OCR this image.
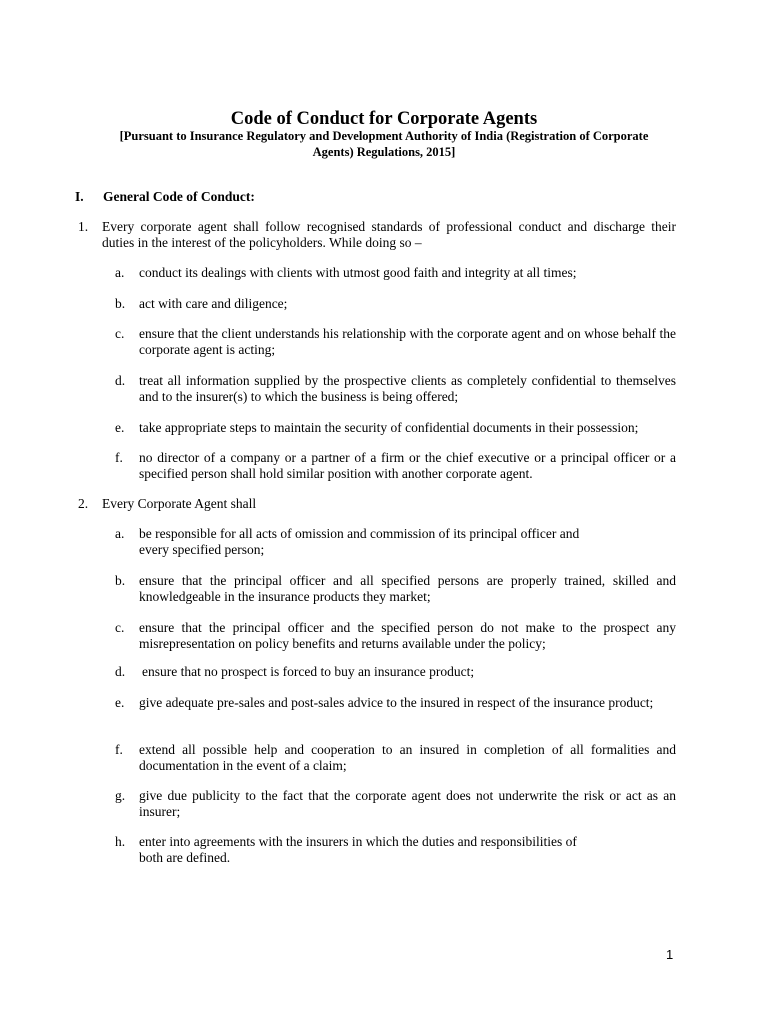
Code of Conduct for Corporate Agents
[Pursuant to Insurance Regulatory and Development Authority of India (Registration of Corporate Agents) Regulations, 2015]
I. General Code of Conduct:
1. Every corporate agent shall follow recognised standards of professional conduct and discharge their duties in the interest of the policyholders. While doing so –
a. conduct its dealings with clients with utmost good faith and integrity at all times;
b. act with care and diligence;
c. ensure that the client understands his relationship with the corporate agent and on whose behalf the corporate agent is acting;
d. treat all information supplied by the prospective clients as completely confidential to themselves and to the insurer(s) to which the business is being offered;
e. take appropriate steps to maintain the security of confidential documents in their possession;
f. no director of a company or a partner of a firm or the chief executive or a principal officer or a specified person shall hold similar position with another corporate agent.
2. Every Corporate Agent shall
a. be responsible for all acts of omission and commission of its principal officer and
every specified person;
b. ensure that the principal officer and all specified persons are properly trained, skilled and knowledgeable in the insurance products they market;
c. ensure that the principal officer and the specified person do not make to the prospect any misrepresentation on policy benefits and returns available under the policy;
d. ensure that no prospect is forced to buy an insurance product;
e. give adequate pre-sales and post-sales advice to the insured in respect of the insurance product;
f. extend all possible help and cooperation to an insured in completion of all formalities and documentation in the event of a claim;
g. give due publicity to the fact that the corporate agent does not underwrite the risk or act as an insurer;
h. enter into agreements with the insurers in which the duties and responsibilities of
both are defined.
1
